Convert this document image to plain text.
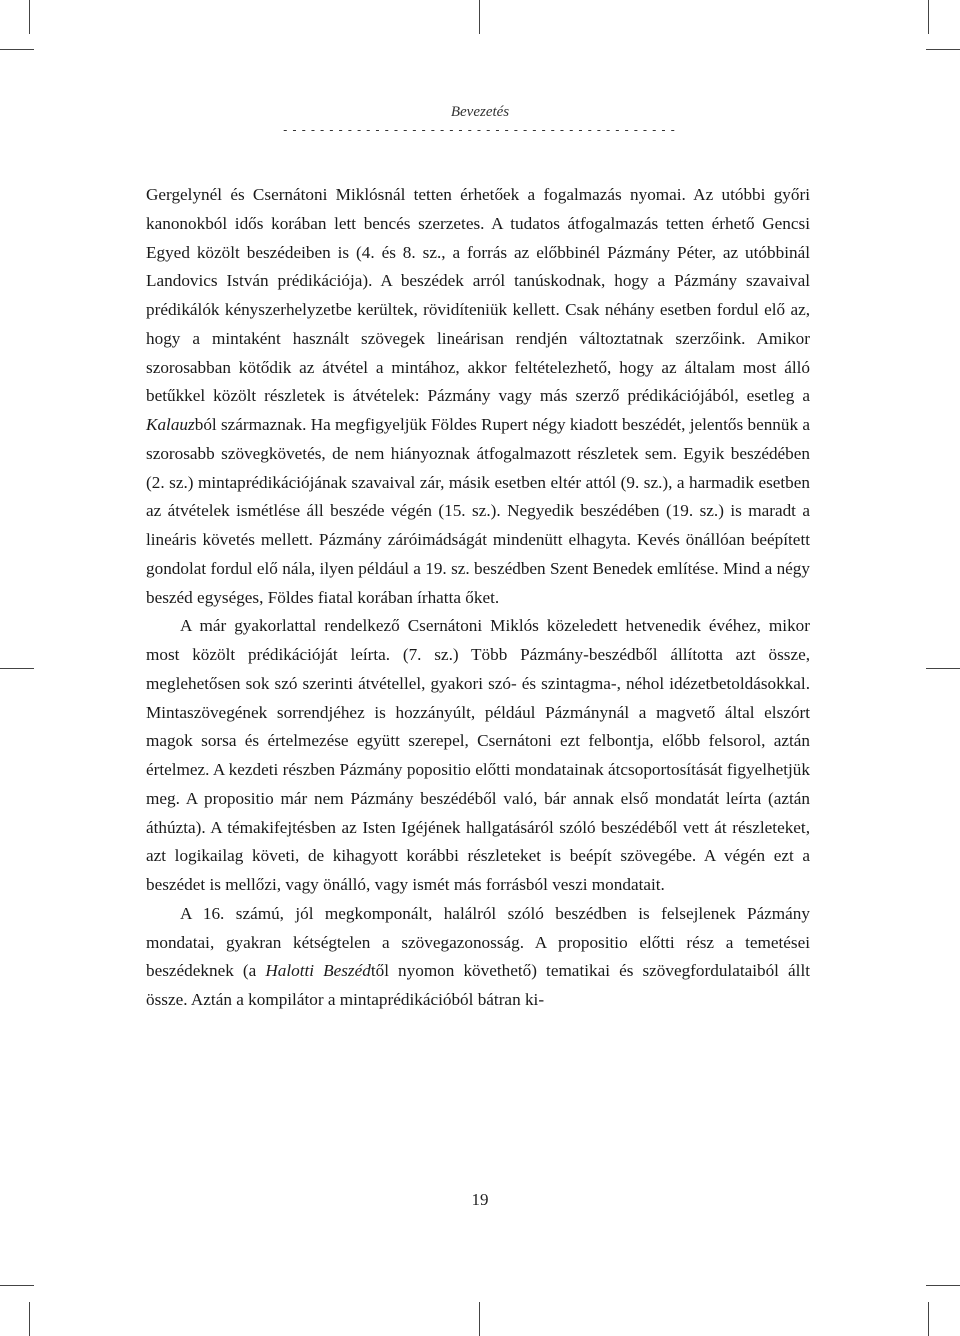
Bevezetés
-------------------------------------------

Gergelynél és Csernátoni Miklósnál tetten érhetőek a fogalmazás nyomai. Az utóbbi győri kanonokból idős korában lett bencés szerzetes. A tudatos átfogalmazás tetten érhető Gencsi Egyed közölt beszédeiben is (4. és 8. sz., a forrás az előbbinél Pázmány Péter, az utóbbinál Landovics István prédikációja). A beszédek arról tanúskodnak, hogy a Pázmány szavaival prédikálók kényszerhelyzetbe kerültek, rövidíteniük kellett. Csak néhány esetben fordul elő az, hogy a mintaként használt szövegek lineárisan rendjén változtatnak szerzőink. Amikor szorosabban kötődik az átvétel a mintához, akkor feltételezhető, hogy az általam most álló betűkkel közölt részletek is átvételek: Pázmány vagy más szerző prédikációjából, esetleg a Kalauzból származnak. Ha megfigyeljük Földes Rupert négy kiadott beszédét, jelentős bennük a szorosabb szövegkövetés, de nem hiányoznak átfogalmazott részletek sem. Egyik beszédében (2. sz.) mintaprédikációjának szavaival zár, másik esetben eltér attól (9. sz.), a harmadik esetben az átvételek ismétlése áll beszéde végén (15. sz.). Negyedik beszédében (19. sz.) is maradt a lineáris követés mellett. Pázmány záróimádságát mindenütt elhagyta. Kevés önállóan beépített gondolat fordul elő nála, ilyen például a 19. sz. beszédben Szent Benedek említése. Mind a négy beszéd egységes, Földes fiatal korában írhatta őket.

A már gyakorlattal rendelkező Csernátoni Miklós közeledett hetvenedik évéhez, mikor most közölt prédikációját leírta. (7. sz.) Több Pázmány-beszédből állította azt össze, meglehetősen sok szó szerinti átvétellel, gyakori szó- és szintagma-, néhol idézetbetoldásokkal. Mintaszövegének sorrendjéhez is hozzányúlt, például Pázmánynál a magvető által elszórt magok sorsa és értelmezése együtt szerepel, Csernátoni ezt felbontja, előbb felsorol, aztán értelmez. A kezdeti részben Pázmány popositio előtti mondatainak átcsoportosítását figyelhetjük meg. A propositio már nem Pázmány beszédéből való, bár annak első mondatát leírta (aztán áthúzta). A témakifejtésben az Isten Igéjének hallgatásáról szóló beszédéből vett át részleteket, azt logikailag követi, de kihagyott korábbi részleteket is beépít szövegébe. A végén ezt a beszédet is mellőzi, vagy önálló, vagy ismét más forrásból veszi mondatait.

A 16. számú, jól megkomponált, halálról szóló beszédben is felsejlenek Pázmány mondatai, gyakran kétségtelen a szövegazonosság. A propositio előtti rész a temetései beszédeknek (a Halotti Beszédtől nyomon követhető) tematikai és szövegfordulataiból állt össze. Aztán a kompilátor a mintaprédikációból bátran ki-

19
